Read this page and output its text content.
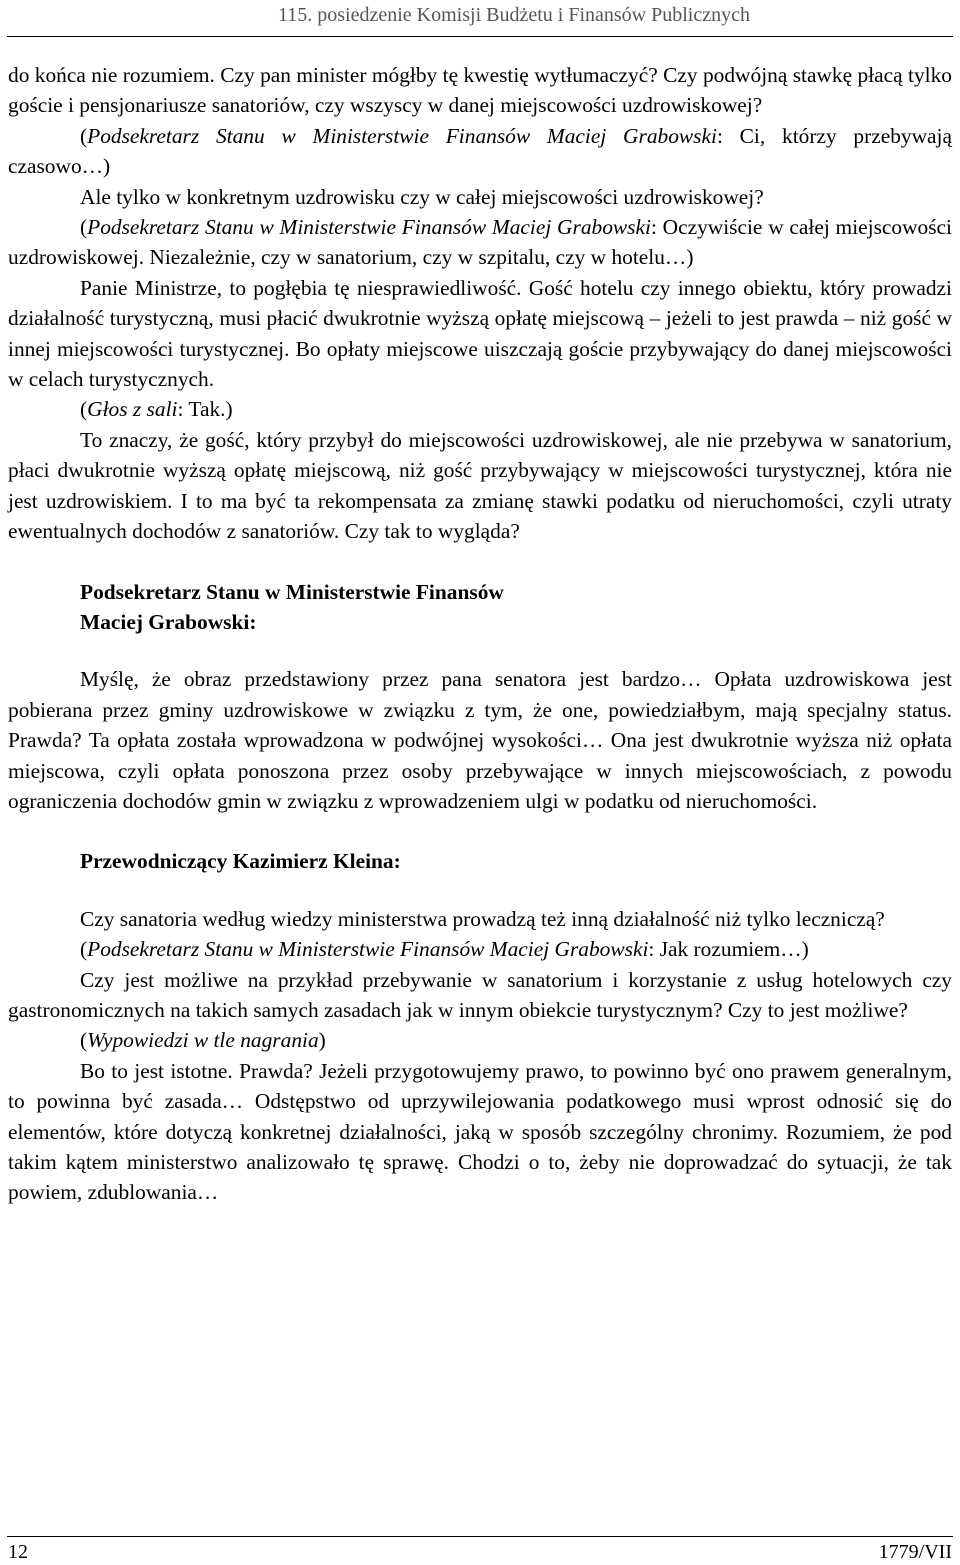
115. posiedzenie Komisji Budżetu i Finansów Publicznych

do końca nie rozumiem. Czy pan minister mógłby tę kwestię wytłumaczyć? Czy podwójną stawkę płacą tylko goście i pensjonariusze sanatoriów, czy wszyscy w danej miejscowości uzdrowiskowej?

(Podsekretarz Stanu w Ministerstwie Finansów Maciej Grabowski: Ci, którzy przebywają czasowo…)

Ale tylko w konkretnym uzdrowisku czy w całej miejscowości uzdrowiskowej?

(Podsekretarz Stanu w Ministerstwie Finansów Maciej Grabowski: Oczywiście w całej miejscowości uzdrowiskowej. Niezależnie, czy w sanatorium, czy w szpitalu, czy w hotelu…)

Panie Ministrze, to pogłębia tę niesprawiedliwość. Gość hotelu czy innego obiektu, który prowadzi działalność turystyczną, musi płacić dwukrotnie wyższą opłatę miejscową – jeżeli to jest prawda – niż gość w innej miejscowości turystycznej. Bo opłaty miejscowe uiszczają goście przybywający do danej miejscowości w celach turystycznych.

(Głos z sali: Tak.)

To znaczy, że gość, który przybył do miejscowości uzdrowiskowej, ale nie przebywa w sanatorium, płaci dwukrotnie wyższą opłatę miejscową, niż gość przybywający w miejscowości turystycznej, która nie jest uzdrowiskiem. I to ma być ta rekompensata za zmianę stawki podatku od nieruchomości, czyli utraty ewentualnych dochodów z sanatoriów. Czy tak to wygląda?

Podsekretarz Stanu w Ministerstwie Finansów

Maciej Grabowski:

Myślę, że obraz przedstawiony przez pana senatora jest bardzo… Opłata uzdrowiskowa jest pobierana przez gminy uzdrowiskowe w związku z tym, że one, powiedziałbym, mają specjalny status. Prawda? Ta opłata została wprowadzona w podwójnej wysokości… Ona jest dwukrotnie wyższa niż opłata miejscowa, czyli opłata ponoszona przez osoby przebywające w innych miejscowościach, z powodu ograniczenia dochodów gmin w związku z wprowadzeniem ulgi w podatku od nieruchomości.

Przewodniczący Kazimierz Kleina:

Czy sanatoria według wiedzy ministerstwa prowadzą też inną działalność niż tylko leczniczą?

(Podsekretarz Stanu w Ministerstwie Finansów Maciej Grabowski: Jak rozumiem…)

Czy jest możliwe na przykład przebywanie w sanatorium i korzystanie z usług hotelowych czy gastronomicznych na takich samych zasadach jak w innym obiekcie turystycznym? Czy to jest możliwe?

(Wypowiedzi w tle nagrania)

Bo to jest istotne. Prawda? Jeżeli przygotowujemy prawo, to powinno być ono prawem generalnym, to powinna być zasada… Odstępstwo od uprzywilejowania podatkowego musi wprost odnosić się do elementów, które dotyczą konkretnej działalności, jaką w sposób szczególny chronimy. Rozumiem, że pod takim kątem ministerstwo analizowało tę sprawę. Chodzi o to, żeby nie doprowadzać do sytuacji, że tak powiem, zdublowania…

12	1779/VII
